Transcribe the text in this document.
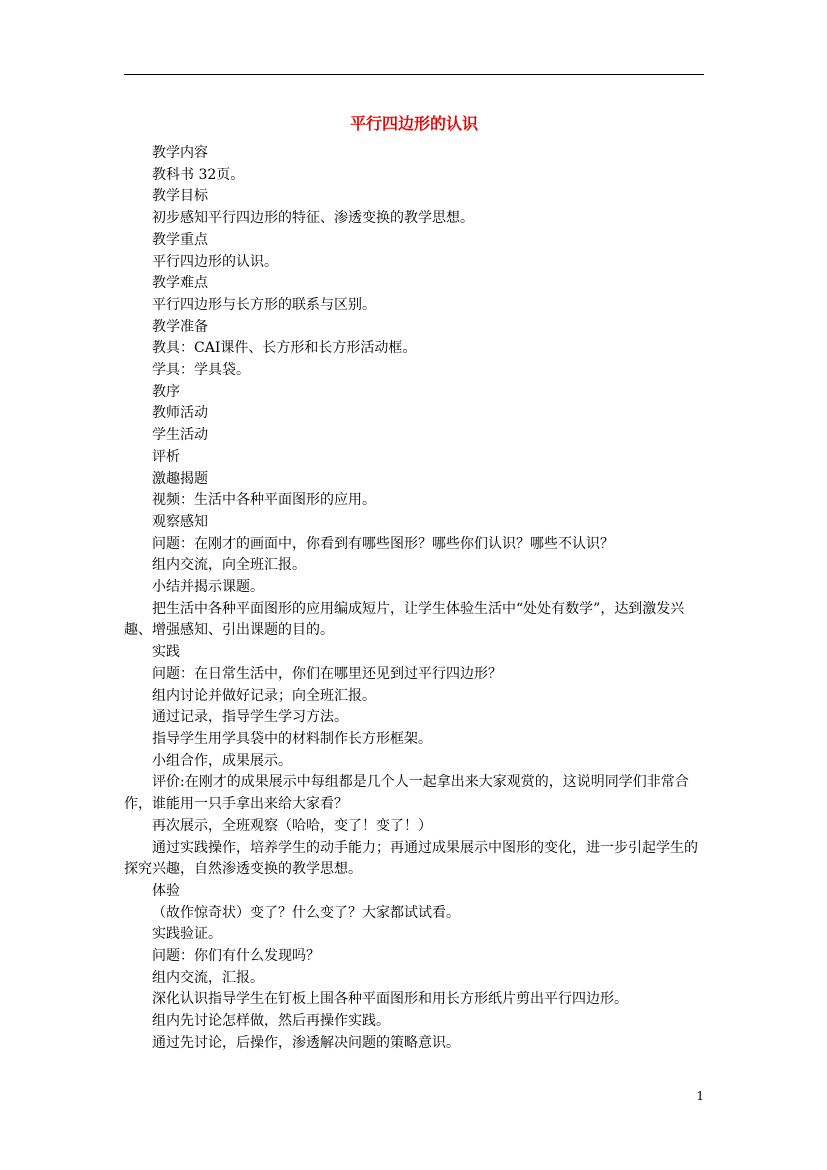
平行四边形的认识

教学内容

教科书 32页。

教学目标

初步感知平行四边形的特征、渗透变换的教学思想。

教学重点

平行四边形的认识。

教学难点

平行四边形与长方形的联系与区别。

教学准备

教具：CAI课件、长方形和长方形活动框。

学具：学具袋。

教序

教师活动

学生活动

评析

激趣揭题

视频：生活中各种平面图形的应用。

观察感知

问题：在刚才的画面中，你看到有哪些图形？哪些你们认识？哪些不认识？

组内交流，向全班汇报。

小结并揭示课题。

把生活中各种平面图形的应用编成短片，让学生体验生活中“处处有数学”，达到激发兴趣、增强感知、引出课题的目的。

实践

问题：在日常生活中，你们在哪里还见到过平行四边形？

组内讨论并做好记录；向全班汇报。

通过记录，指导学生学习方法。

指导学生用学具袋中的材料制作长方形框架。

小组合作，成果展示。

评价:在刚才的成果展示中每组都是几个人一起拿出来大家观赏的，这说明同学们非常合作，谁能用一只手拿出来给大家看？

再次展示，全班观察（哈哈，变了！变了！）

通过实践操作，培养学生的动手能力；再通过成果展示中图形的变化，进一步引起学生的探究兴趣，自然渗透变换的教学思想。

体验

（故作惊奇状）变了？什么变了？大家都试试看。

实践验证。

问题：你们有什么发现吗？

组内交流，汇报。

深化认识指导学生在钉板上围各种平面图形和用长方形纸片剪出平行四边形。

组内先讨论怎样做，然后再操作实践。

通过先讨论，后操作，渗透解决问题的策略意识。

1
